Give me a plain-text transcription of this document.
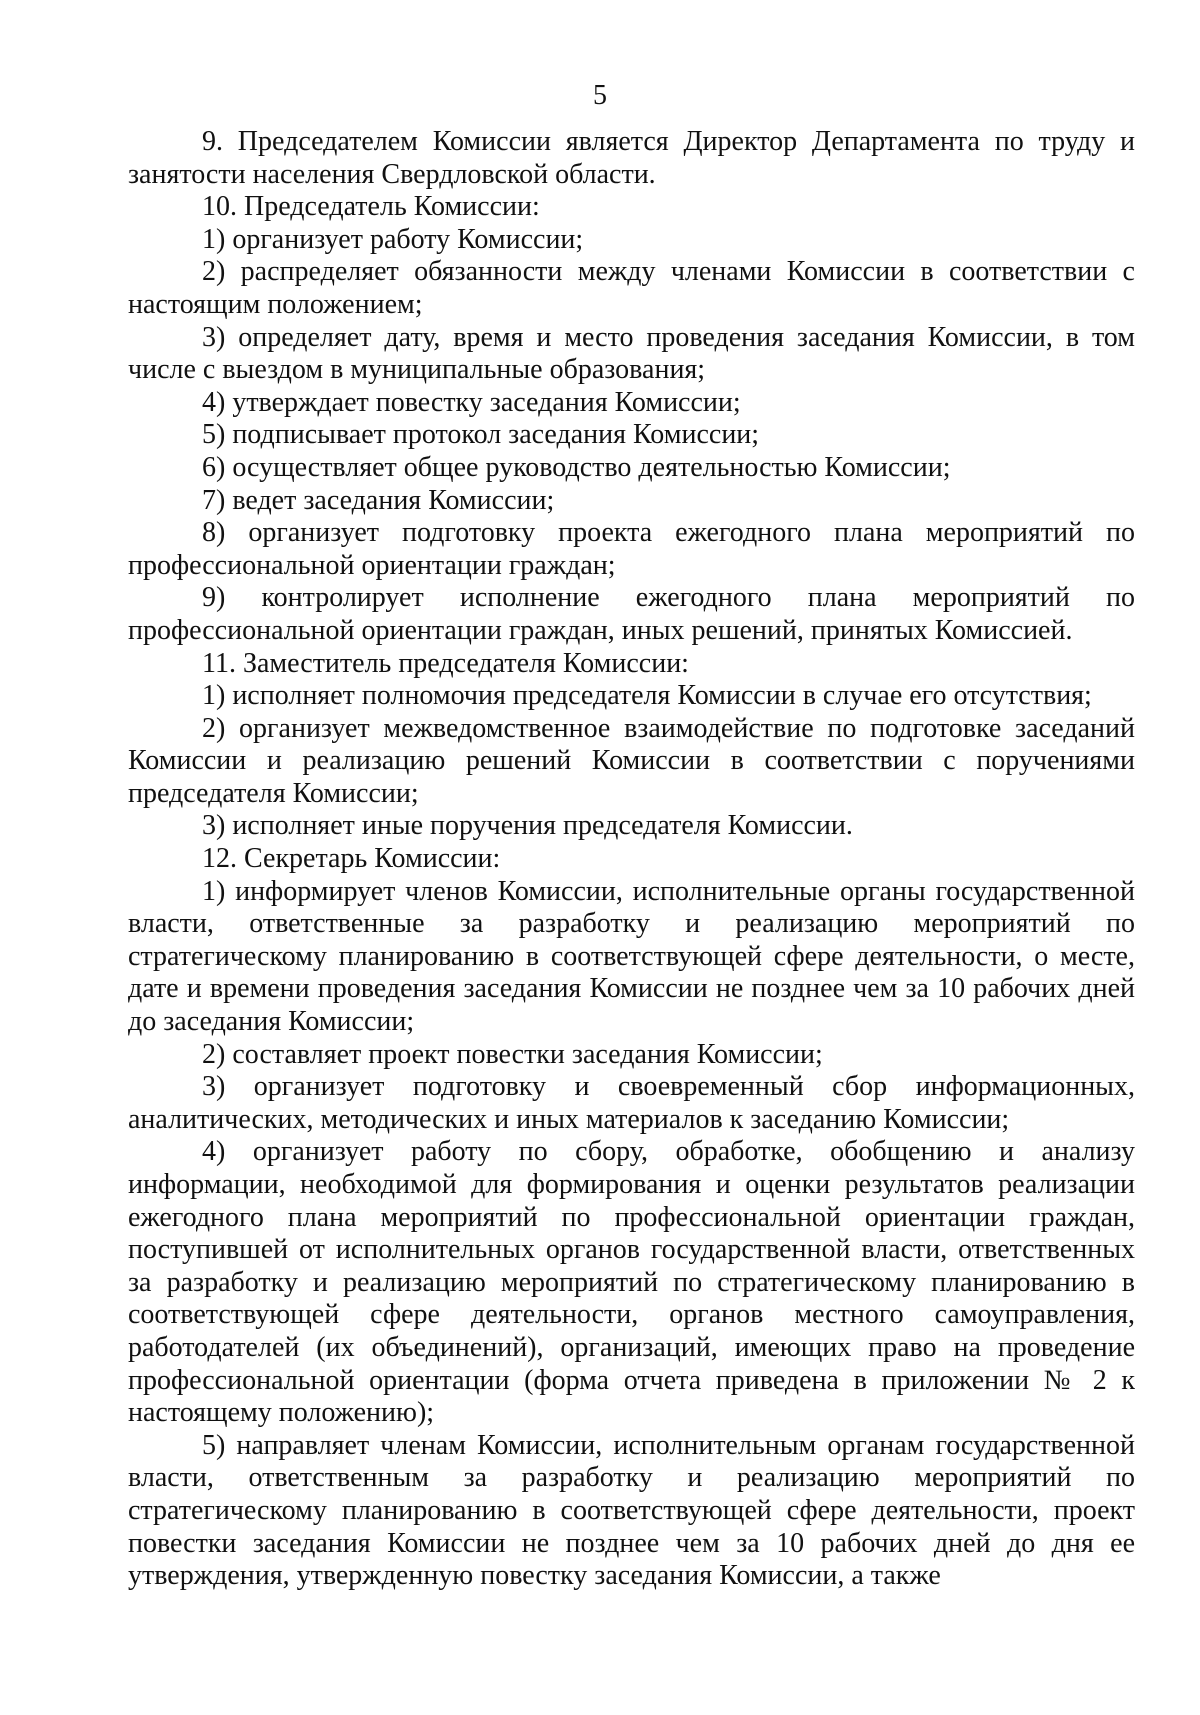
5

9. Председателем Комиссии является Директор Департамента по труду и занятости населения Свердловской области.

10. Председатель Комиссии:

1) организует работу Комиссии;

2) распределяет обязанности между членами Комиссии в соответствии с настоящим положением;

3) определяет дату, время и место проведения заседания Комиссии, в том числе с выездом в муниципальные образования;

4) утверждает повестку заседания Комиссии;

5) подписывает протокол заседания Комиссии;

6) осуществляет общее руководство деятельностью Комиссии;

7) ведет заседания Комиссии;

8) организует подготовку проекта ежегодного плана мероприятий по профессиональной ориентации граждан;

9) контролирует исполнение ежегодного плана мероприятий по профессиональной ориентации граждан, иных решений, принятых Комиссией.

11. Заместитель председателя Комиссии:

1) исполняет полномочия председателя Комиссии в случае его отсутствия;

2) организует межведомственное взаимодействие по подготовке заседаний Комиссии и реализацию решений Комиссии в соответствии с поручениями председателя Комиссии;

3) исполняет иные поручения председателя Комиссии.

12. Секретарь Комиссии:

1) информирует членов Комиссии, исполнительные органы государственной власти, ответственные за разработку и реализацию мероприятий по стратегическому планированию в соответствующей сфере деятельности, о месте, дате и времени проведения заседания Комиссии не позднее чем за 10 рабочих дней до заседания Комиссии;

2) составляет проект повестки заседания Комиссии;

3) организует подготовку и своевременный сбор информационных, аналитических, методических и иных материалов к заседанию Комиссии;

4) организует работу по сбору, обработке, обобщению и анализу информации, необходимой для формирования и оценки результатов реализации ежегодного плана мероприятий по профессиональной ориентации граждан, поступившей от исполнительных органов государственной власти, ответственных за разработку и реализацию мероприятий по стратегическому планированию в соответствующей сфере деятельности, органов местного самоуправления, работодателей (их объединений), организаций, имеющих право на проведение профессиональной ориентации (форма отчета приведена в приложении № 2 к настоящему положению);

5) направляет членам Комиссии, исполнительным органам государственной власти, ответственным за разработку и реализацию мероприятий по стратегическому планированию в соответствующей сфере деятельности, проект повестки заседания Комиссии не позднее чем за 10 рабочих дней до дня ее утверждения, утвержденную повестку заседания Комиссии, а также
